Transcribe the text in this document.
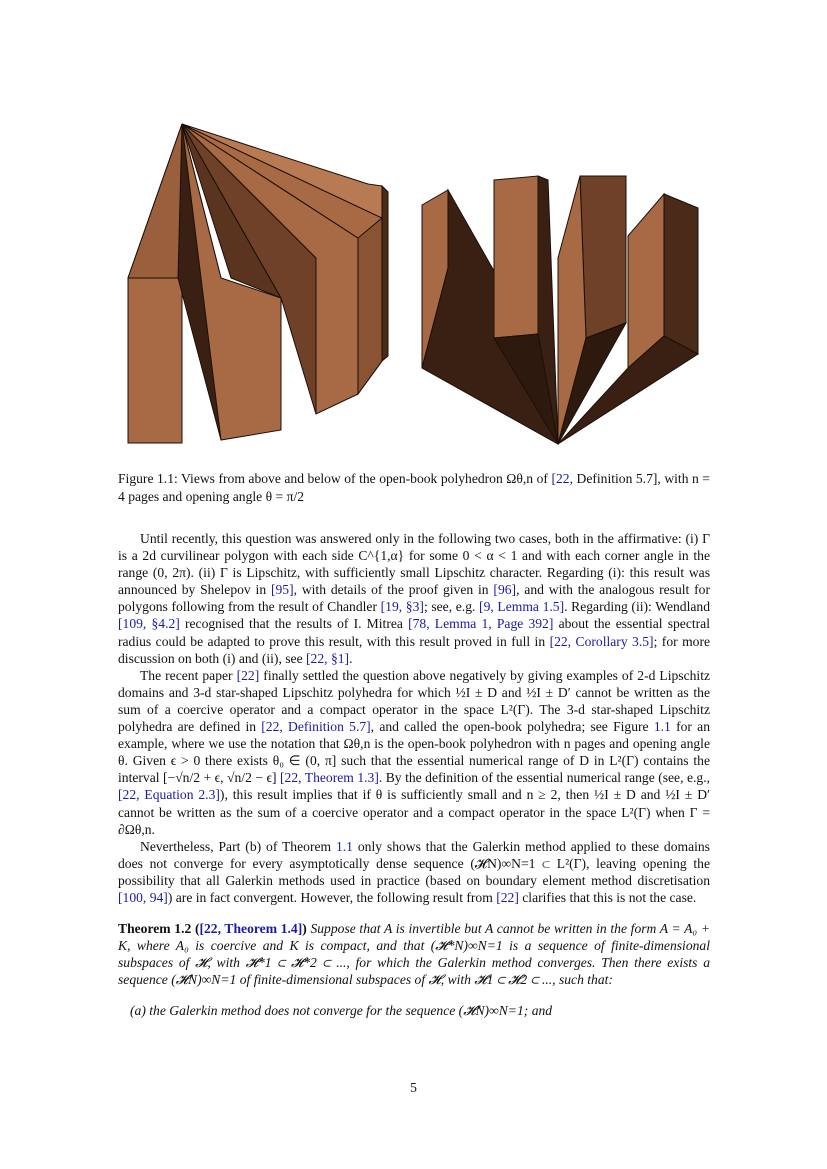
Figure 1.1: Views from above and below of the open-book polyhedron Ωθ,n of [22, Definition 5.7], with n = 4 pages and opening angle θ = π/2

Until recently, this question was answered only in the following two cases, both in the affirmative: (i) Γ is a 2d curvilinear polygon with each side C^{1,α} for some 0 < α < 1 and with each corner angle in the range (0, 2π). (ii) Γ is Lipschitz, with sufficiently small Lipschitz character. Regarding (i): this result was announced by Shelepov in [95], with details of the proof given in [96], and with the analogous result for polygons following from the result of Chandler [19, §3]; see, e.g. [9, Lemma 1.5]. Regarding (ii): Wendland [109, §4.2] recognised that the results of I. Mitrea [78, Lemma 1, Page 392] about the essential spectral radius could be adapted to prove this result, with this result proved in full in [22, Corollary 3.5]; for more discussion on both (i) and (ii), see [22, §1].

The recent paper [22] finally settled the question above negatively by giving examples of 2-d Lipschitz domains and 3-d star-shaped Lipschitz polyhedra for which ½I ± D and ½I ± D′ cannot be written as the sum of a coercive operator and a compact operator in the space L²(Γ). The 3-d star-shaped Lipschitz polyhedra are defined in [22, Definition 5.7], and called the open-book polyhedra; see Figure 1.1 for an example, where we use the notation that Ωθ,n is the open-book polyhedron with n pages and opening angle θ. Given ϵ > 0 there exists θ₀ ∈ (0, π] such that the essential numerical range of D in L²(Γ) contains the interval [−√n/2 + ϵ, √n/2 − ϵ] [22, Theorem 1.3]. By the definition of the essential numerical range (see, e.g., [22, Equation 2.3]), this result implies that if θ is sufficiently small and n ≥ 2, then ½I ± D and ½I ± D′ cannot be written as the sum of a coercive operator and a compact operator in the space L²(Γ) when Γ = ∂Ωθ,n.

Nevertheless, Part (b) of Theorem 1.1 only shows that the Galerkin method applied to these domains does not converge for every asymptotically dense sequence (𝓗N)∞N=1 ⊂ L²(Γ), leaving opening the possibility that all Galerkin methods used in practice (based on boundary element method discretisation [100, 94]) are in fact convergent. However, the following result from [22] clarifies that this is not the case.

Theorem 1.2 ([22, Theorem 1.4]) Suppose that A is invertible but A cannot be written in the form A = A₀ + K, where A₀ is coercive and K is compact, and that (𝓗*N)∞N=1 is a sequence of finite-dimensional subspaces of 𝓗, with 𝓗*1 ⊂ 𝓗*2 ⊂ ..., for which the Galerkin method converges. Then there exists a sequence (𝓗N)∞N=1 of finite-dimensional subspaces of 𝓗, with 𝓗1 ⊂ 𝓗2 ⊂ ..., such that:

(a) the Galerkin method does not converge for the sequence (𝓗N)∞N=1; and
5
